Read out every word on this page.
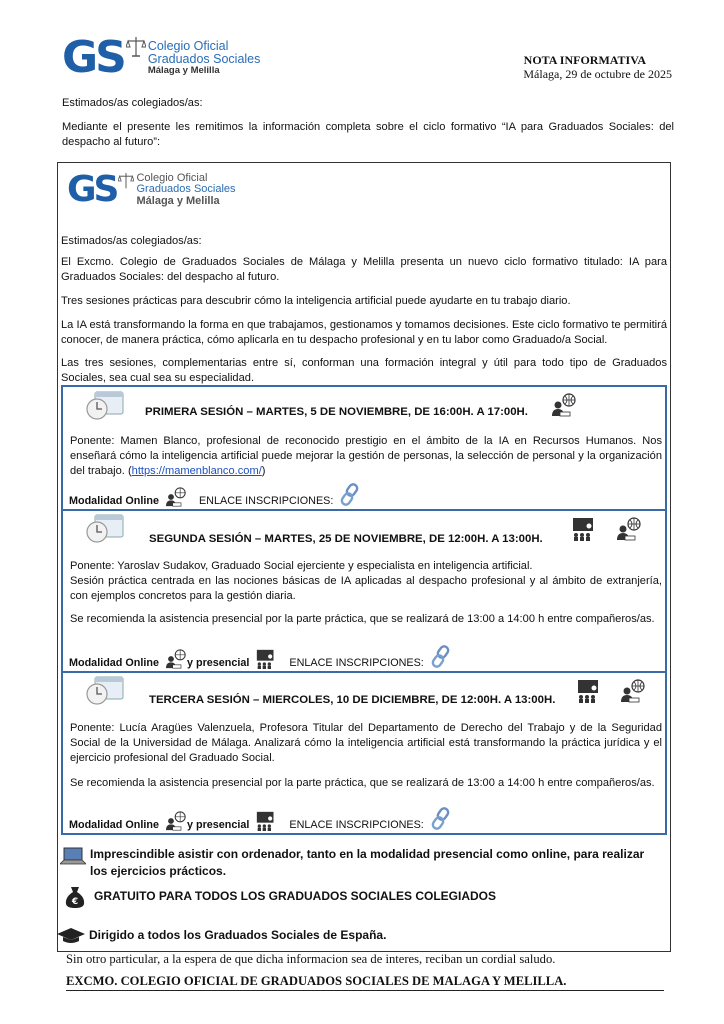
GS Colegio Oficial
Graduados Sociales
Málaga y Melilla
NOTA INFORMATIVA
Málaga, 29 de octubre de 2025

Estimados/as colegiados/as:

Mediante el presente les remitimos la información completa sobre el ciclo formativo “IA para Graduados Sociales: del despacho al futuro”:

GS Colegio Oficial
Graduados Sociales
Málaga y Melilla

Estimados/as colegiados/as:

El Excmo. Colegio de Graduados Sociales de Málaga y Melilla presenta un nuevo ciclo formativo titulado: IA para Graduados Sociales: del despacho al futuro.

Tres sesiones prácticas para descubrir cómo la inteligencia artificial puede ayudarte en tu trabajo diario.

La IA está transformando la forma en que trabajamos, gestionamos y tomamos decisiones. Este ciclo formativo te permitirá conocer, de manera práctica, cómo aplicarla en tu despacho profesional y en tu labor como Graduado/a Social.

Las tres sesiones, complementarias entre sí, conforman una formación integral y útil para todo tipo de Graduados Sociales, sea cual sea su especialidad.

PRIMERA SESIÓN – MARTES, 5 DE NOVIEMBRE, DE 16:00H. A 17:00H.

Ponente: Mamen Blanco, profesional de reconocido prestigio en el ámbito de la IA en Recursos Humanos. Nos enseñará cómo la inteligencia artificial puede mejorar la gestión de personas, la selección de personal y la organización del trabajo. (https://mamenblanco.com/)

Modalidad Online	ENLACE INSCRIPCIONES:
SEGUNDA SESIÓN – MARTES, 25 DE NOVIEMBRE, DE 12:00H. A 13:00H.

Ponente: Yaroslav Sudakov, Graduado Social ejerciente y especialista en inteligencia artificial.

Sesión práctica centrada en las nociones básicas de IA aplicadas al despacho profesional y al ámbito de extranjería, con ejemplos concretos para la gestión diaria.

Se recomienda la asistencia presencial por la parte práctica, que se realizará de 13:00 a 14:00 h entre compañeros/as.

Modalidad Online	y presencial	ENLACE INSCRIPCIONES:
TERCERA SESIÓN – MIERCOLES, 10 DE DICIEMBRE, DE 12:00H. A 13:00H.

Ponente: Lucía Aragües Valenzuela, Profesora Titular del Departamento de Derecho del Trabajo y de la Seguridad Social de la Universidad de Málaga. Analizará cómo la inteligencia artificial está transformando la práctica jurídica y el ejercicio profesional del Graduado Social.

Se recomienda la asistencia presencial por la parte práctica, que se realizará de 13:00 a 14:00 h entre compañeros/as.

Modalidad Online	y presencial	ENLACE INSCRIPCIONES:
Imprescindible asistir con ordenador, tanto en la modalidad presencial como online, para realizar los ejercicios prácticos.
€ GRATUITO PARA TODOS LOS GRADUADOS SOCIALES COLEGIADOS
Dirigido a todos los Graduados Sociales de España.
Sin otro particular, a la espera de que dicha informacion sea de interes, reciban un cordial saludo.
EXCMO. COLEGIO OFICIAL DE GRADUADOS SOCIALES DE MALAGA Y MELILLA.
